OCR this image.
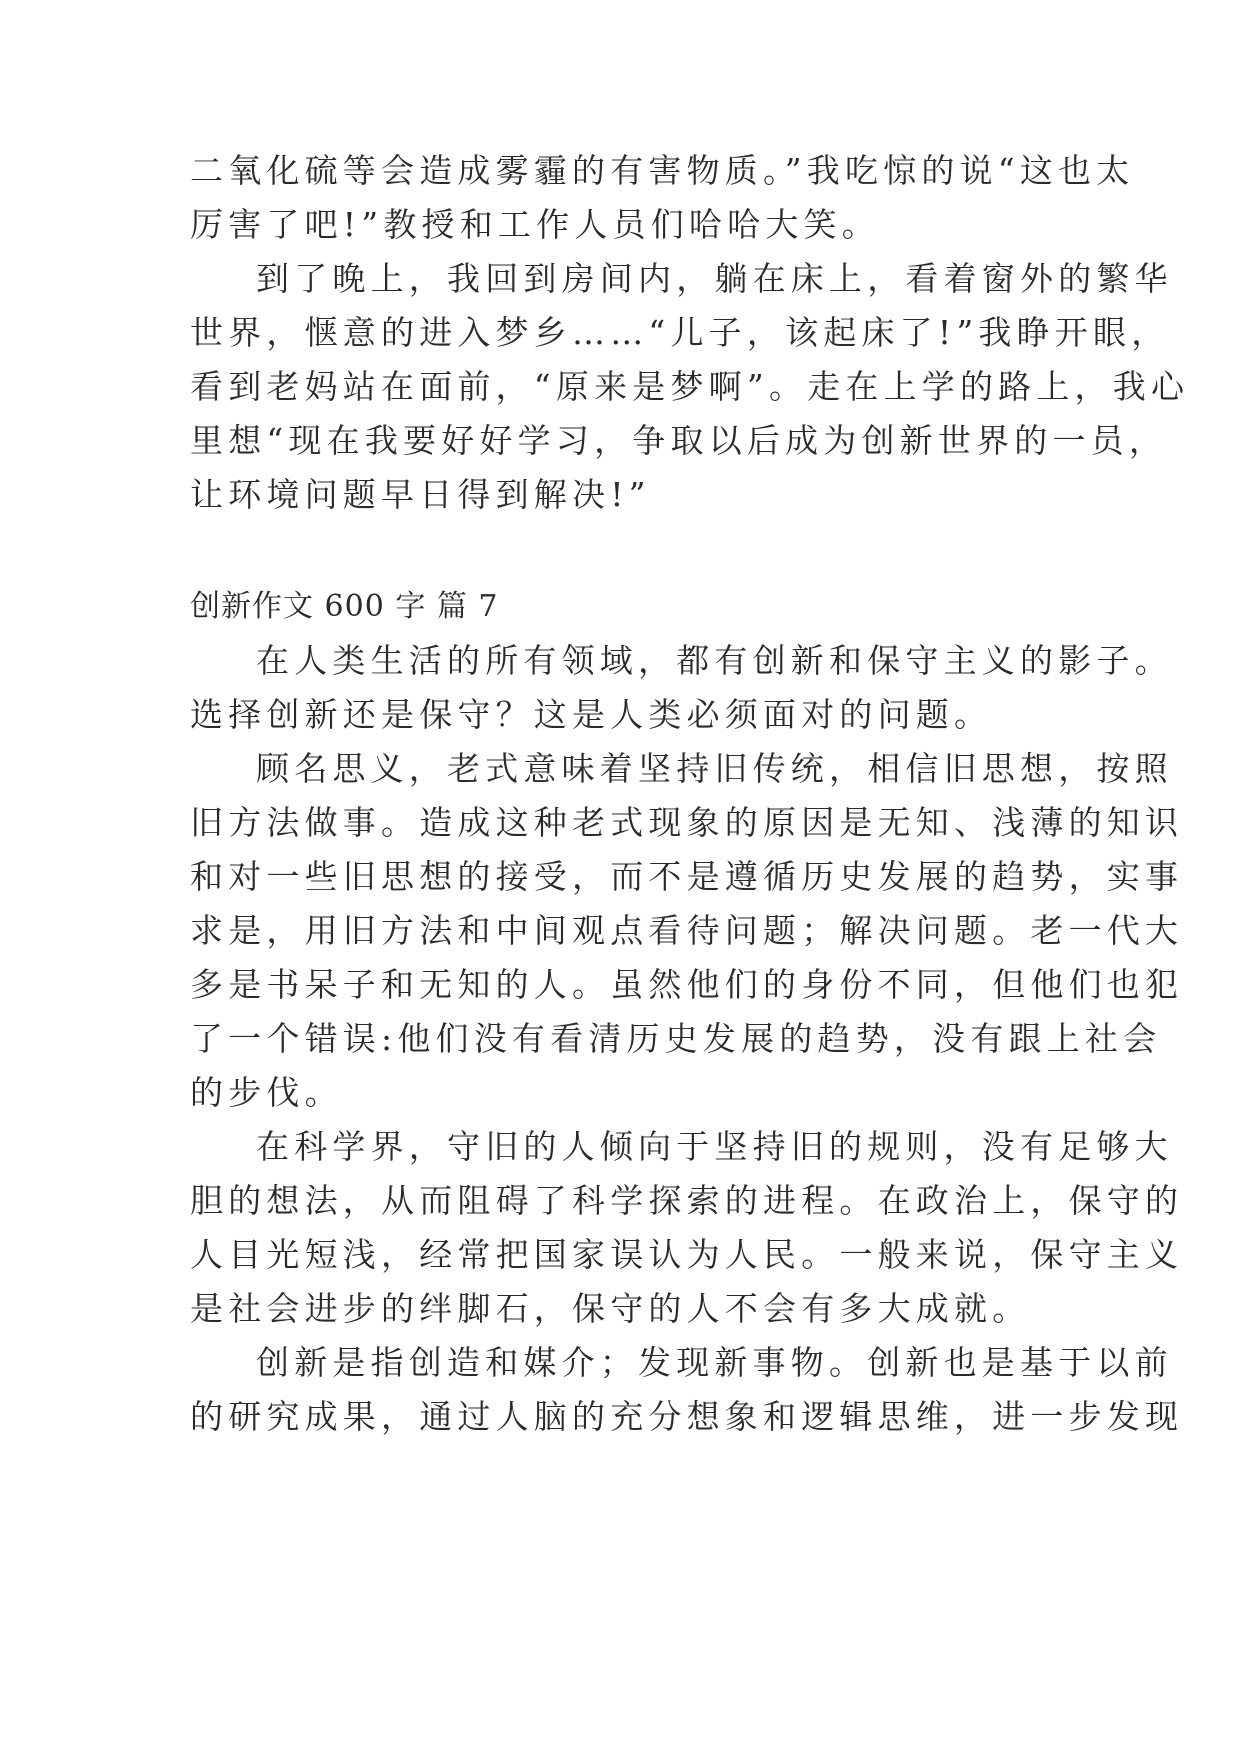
二氧化硫等会造成雾霾的有害物质。”我吃惊的说“这也太
厉害了吧!”教授和工作人员们哈哈大笑。
到了晚上，我回到房间内，躺在床上，看着窗外的繁华
世界，惬意的进入梦乡……“儿子，该起床了!”我睁开眼，
看到老妈站在面前，“原来是梦啊”。走在上学的路上，我心
里想“现在我要好好学习，争取以后成为创新世界的一员，
让环境问题早日得到解决!”
创新作文 600 字 篇 7
在人类生活的所有领域，都有创新和保守主义的影子。
选择创新还是保守？这是人类必须面对的问题。
顾名思义，老式意味着坚持旧传统，相信旧思想，按照
旧方法做事。造成这种老式现象的原因是无知、浅薄的知识
和对一些旧思想的接受，而不是遵循历史发展的趋势，实事
求是，用旧方法和中间观点看待问题；解决问题。老一代大
多是书呆子和无知的人。虽然他们的身份不同，但他们也犯
了一个错误:他们没有看清历史发展的趋势，没有跟上社会
的步伐。
在科学界，守旧的人倾向于坚持旧的规则，没有足够大
胆的想法，从而阻碍了科学探索的进程。在政治上，保守的
人目光短浅，经常把国家误认为人民。一般来说，保守主义
是社会进步的绊脚石，保守的人不会有多大成就。
创新是指创造和媒介；发现新事物。创新也是基于以前
的研究成果，通过人脑的充分想象和逻辑思维，进一步发现
